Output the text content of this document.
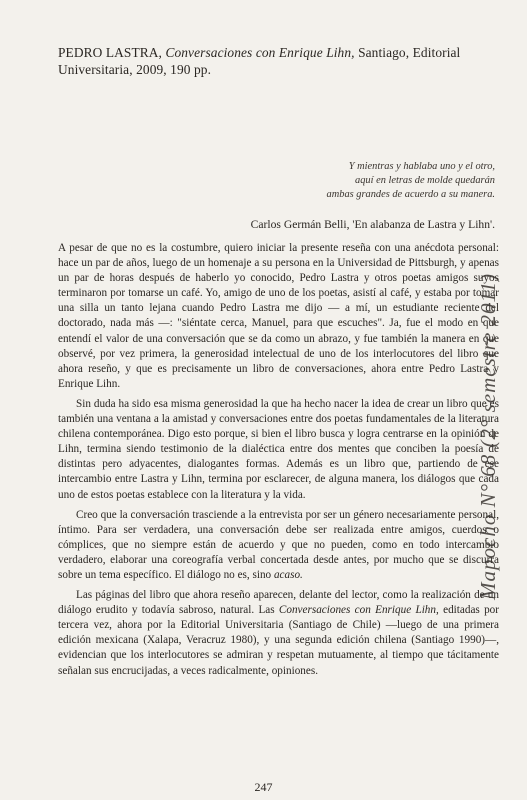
PEDRO LASTRA, Conversaciones con Enrique Lihn, Santiago, Editorial Universitaria, 2009, 190 pp.
Y mientras y hablaba uno y el otro,
aquí en letras de molde quedarán
ambas grandes de acuerdo a su manera.
Carlos Germán Belli, 'En alabanza de Lastra y Lihn'.

A pesar de que no es la costumbre, quiero iniciar la presente reseña con una anécdota personal: hace un par de años, luego de un homenaje a su persona en la Universidad de Pittsburgh, y apenas un par de horas después de haberlo yo conocido, Pedro Lastra y otros poetas amigos suyos terminaron por tomarse un café. Yo, amigo de uno de los poetas, asistí al café, y estaba por tomar una silla un tanto lejana cuando Pedro Lastra me dijo — a mí, un estudiante reciente del doctorado, nada más —: "siéntate cerca, Manuel, para que escuches". Ja, fue el modo en que entendí el valor de una conversación que se da como un abrazo, y fue también la manera en que observé, por vez primera, la generosidad intelectual de uno de los interlocutores del libro que ahora reseño, y que es precisamente un libro de conversaciones, ahora entre Pedro Lastra y Enrique Lihn.

Sin duda ha sido esa misma generosidad la que ha hecho nacer la idea de crear un libro que es también una ventana a la amistad y conversaciones entre dos poetas fundamentales de la literatura chilena contemporánea. Digo esto porque, si bien el libro busca y logra centrarse en la opinión de Lihn, termina siendo testimonio de la dialéctica entre dos mentes que conciben la poesía de distintas pero adyacentes, dialogantes formas. Además es un libro que, partiendo de ese intercambio entre Lastra y Lihn, termina por esclarecer, de alguna manera, los diálogos que cada uno de estos poetas establece con la literatura y la vida.

Creo que la conversación trasciende a la entrevista por ser un género necesariamente personal, íntimo. Para ser verdadera, una conversación debe ser realizada entre amigos, cuerdos o cómplices, que no siempre están de acuerdo y que no pueden, como en todo intercambio verdadero, elaborar una coreografía verbal concertada desde antes, por mucho que se discurra sobre un tema específico. El diálogo no es, sino acaso.

Las páginas del libro que ahora reseño aparecen, delante del lector, como la realización de un diálogo erudito y todavía sabroso, natural. Las Conversaciones con Enrique Lihn, editadas por tercera vez, ahora por la Editorial Universitaria (Santiago de Chile) —luego de una primera edición mexicana (Xalapa, Veracruz 1980), y una segunda edición chilena (Santiago 1990)—, evidencian que los interlocutores se admiran y respetan mutuamente, al tiempo que tácitamente señalan sus encrucijadas, a veces radicalmente, opiniones.

247
Mapocho N° 68 (2° semestre 2011)
